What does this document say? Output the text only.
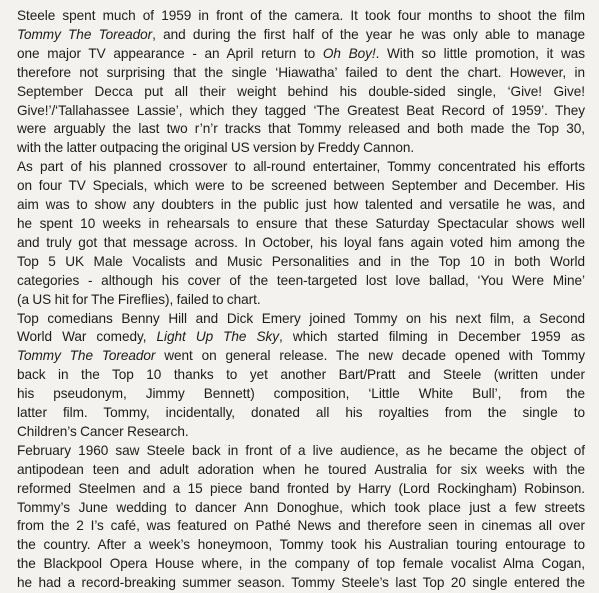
Steele spent much of 1959 in front of the camera. It took four months to shoot the film
Tommy The Toreador, and during the first half of the year he was only able to manage
one major TV appearance - an April return to Oh Boy!. With so little promotion, it was
therefore not surprising that the single ‘Hiawatha’ failed to dent the chart. However, in
September Decca put all their weight behind his double-sided single, ‘Give! Give!
Give!’/‘Tallahassee Lassie’, which they tagged ‘The Greatest Beat Record of 1959’. They
were arguably the last two r’n’r tracks that Tommy released and both made the Top 30,
with the latter outpacing the original US version by Freddy Cannon.

As part of his planned crossover to all-round entertainer, Tommy concentrated his efforts
on four TV Specials, which were to be screened between September and December. His
aim was to show any doubters in the public just how talented and versatile he was, and
he spent 10 weeks in rehearsals to ensure that these Saturday Spectacular shows well
and truly got that message across. In October, his loyal fans again voted him among the
Top 5 UK Male Vocalists and Music Personalities and in the Top 10 in both World
categories - although his cover of the teen-targeted lost love ballad, ‘You Were Mine’
(a US hit for The Fireflies), failed to chart.

Top comedians Benny Hill and Dick Emery joined Tommy on his next film, a Second
World War comedy, Light Up The Sky, which started filming in December 1959 as
Tommy The Toreador went on general release. The new decade opened with Tommy
back in the Top 10 thanks to yet another Bart/Pratt and Steele (written under
his pseudonym, Jimmy Bennett) composition, ‘Little White Bull’, from the
latter film. Tommy, incidentally, donated all his royalties from the single to
Children’s Cancer Research.

February 1960 saw Steele back in front of a live audience, as he became the object of
antipodean teen and adult adoration when he toured Australia for six weeks with the
reformed Steelmen and a 15 piece band fronted by Harry (Lord Rockingham) Robinson.
Tommy’s June wedding to dancer Ann Donoghue, which took place just a few streets
from the 2 I’s café, was featured on Pathé News and therefore seen in cinemas all over
the country. After a week’s honeymoon, Tommy took his Australian touring entourage to
the Blackpool Opera House where, in the company of top female vocalist Alma Cogan,
he had a record-breaking summer season. Tommy Steele’s last Top 20 single entered the
